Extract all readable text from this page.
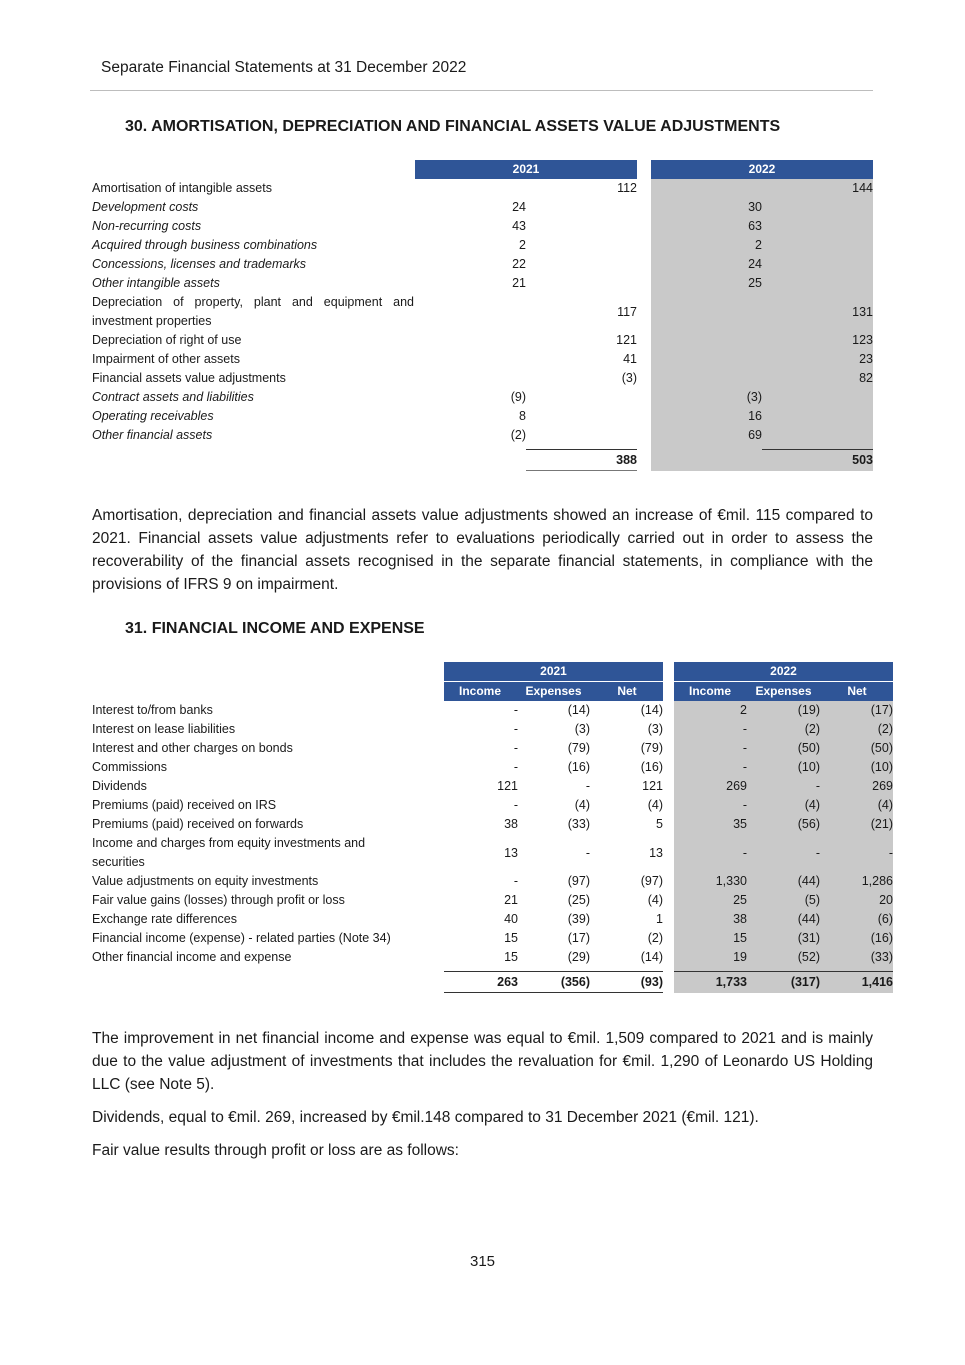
Separate Financial Statements at 31 December 2022
30. AMORTISATION, DEPRECIATION AND FINANCIAL ASSETS VALUE ADJUSTMENTS
2021	2022
Amortisation of intangible assets	112	144
Development costs	24	30
Non-recurring costs	43	63
Acquired through business combinations	2	2
Concessions, licenses and trademarks	22	24
Other intangible assets	21	25
Depreciation of property, plant and equipment and
investment properties
117	131
Depreciation of right of use	121	123
Impairment of other assets	41	23
Financial assets value adjustments	(3)	82
Contract assets and liabilities	(9)	(3)
Operating receivables	8	16
Other financial assets	(2)	69
388	503
Amortisation, depreciation and financial assets value adjustments showed an increase of €mil. 115 compared to 2021. Financial assets value adjustments refer to evaluations periodically carried out in order to assess the recoverability of the financial assets recognised in the separate financial statements, in compliance with the provisions of IFRS 9 on impairment.
31. FINANCIAL INCOME AND EXPENSE
2021	2022
Income	Expenses	Net	Income	Expenses	Net
Interest to/from banks	-	(14)	(14)	2	(19)	(17)
Interest on lease liabilities	-	(3)	(3)	-	(2)	(2)
Interest and other charges on bonds	-	(79)	(79)	-	(50)	(50)
Commissions	-	(16)	(16)	-	(10)	(10)
Dividends	121	-	121	269	-	269
Premiums (paid) received on IRS	-	(4)	(4)	-	(4)	(4)
Premiums (paid) received on forwards	38	(33)	5	35	(56)	(21)
Income and charges from equity investments and
securities
13	-	13	-	-	-
Value adjustments on equity investments	-	(97)	(97)	1,330	(44)	1,286
Fair value gains (losses) through profit or loss	21	(25)	(4)	25	(5)	20
Exchange rate differences	40	(39)	1	38	(44)	(6)
Financial income (expense) - related parties (Note 34)	15	(17)	(2)	15	(31)	(16)
Other financial income and expense	15	(29)	(14)	19	(52)	(33)
263	(356)	(93)	1,733	(317)	1,416
The improvement in net financial income and expense was equal to €mil. 1,509 compared to 2021 and is mainly due to the value adjustment of investments that includes the revaluation for €mil. 1,290 of Leonardo US Holding LLC (see Note 5).
Dividends, equal to €mil. 269, increased by €mil.148 compared to 31 December 2021 (€mil. 121).
Fair value results through profit or loss are as follows:
315
